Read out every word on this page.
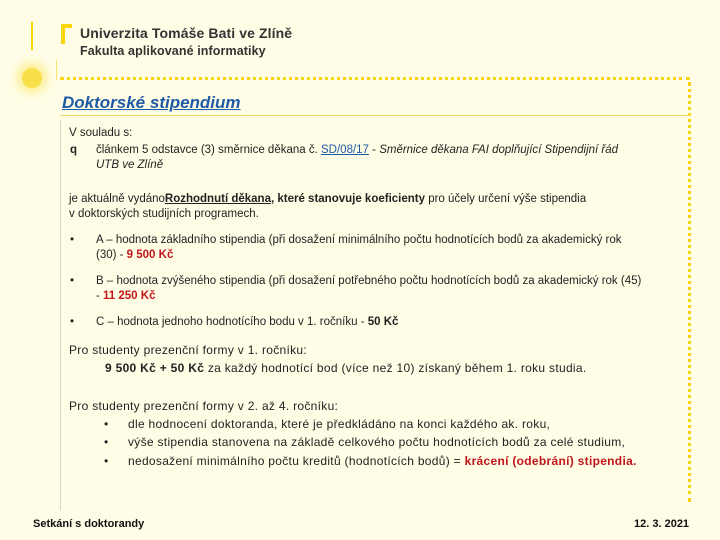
Univerzita Tomáše Bati ve Zlíně
Fakulta aplikované informatiky
Doktorské stipendium
V souladu s:
q článkem 5 odstavce (3) směrnice děkana č. SD/08/17 - Směrnice děkana FAI doplňující Stipendijní řád
UTB ve Zlíně
je aktuálně vydánoRozhodnutí děkana, které stanovuje koeficienty pro účely určení výše stipendia
v doktorských studijních programech.
• A – hodnota základního stipendia (při dosažení minimálního počtu hodnotících bodů za akademický rok
(30) - 9 500 Kč
• B – hodnota zvýšeného stipendia (při dosažení potřebného počtu hodnotících bodů za akademický rok (45)
- 11 250 Kč
• C – hodnota jednoho hodnotícího bodu v 1. ročníku - 50 Kč
Pro studenty prezenční formy v 1. ročníku:
9 500 Kč + 50 Kč za každý hodnotící bod (více než 10) získaný během 1. roku studia.
Pro studenty prezenční formy v 2. až 4. ročníku:
• dle hodnocení doktoranda, které je předkládáno na konci každého ak. roku,
• výše stipendia stanovena na základě celkového počtu hodnotících bodů za celé studium,
• nedosažení minimálního počtu kreditů (hodnotících bodů) = krácení (odebrání) stipendia.
Setkání s doktorandy	12. 3. 2021
